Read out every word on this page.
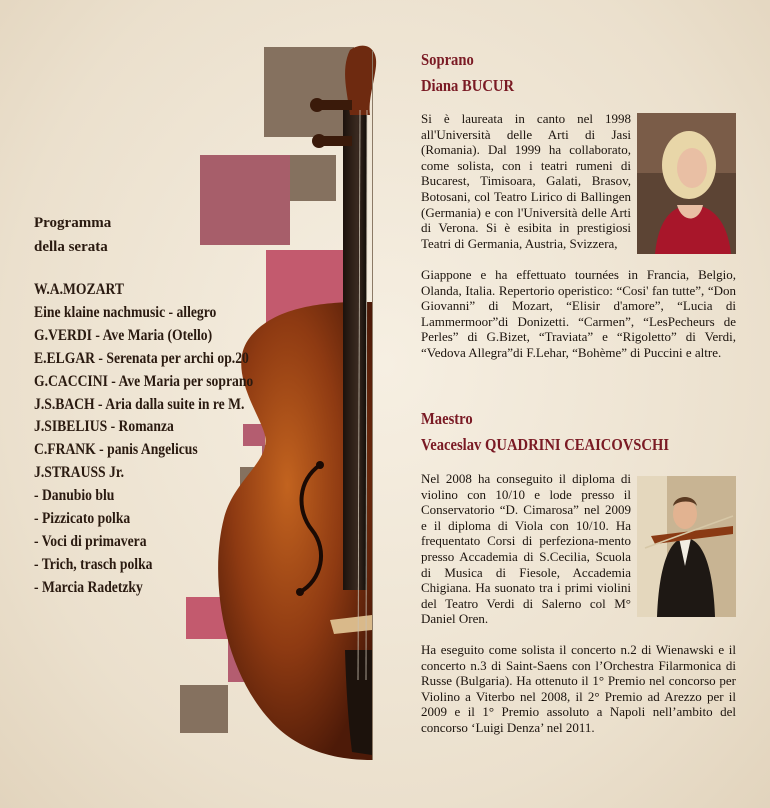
Programma
della serata
W.A.MOZART
Eine klaine nachmusic - allegro
G.VERDI - Ave Maria (Otello)
E.ELGAR - Serenata per archi op.20
G.CACCINI - Ave Maria per soprano
J.S.BACH - Aria dalla suite in re M.
J.SIBELIUS - Romanza
C.FRANK - panis Angelicus
J.STRAUSS Jr.
- Danubio blu
- Pizzicato polka
- Voci di primavera
- Trich, trasch polka
- Marcia Radetzky
Soprano
Diana BUCUR

Si è laureata in canto nel 1998 all'Università delle Arti di Jasi (Romania). Dal 1999 ha collaborato, come solista, con i teatri rumeni di Bucarest, Timisoara, Galati, Brasov, Botosani, col Teatro Lirico di Ballingen (Germania) e con l'Università delle Arti di Verona. Si è esibita in prestigiosi Teatri di Germania, Austria, Svizzera,

Giappone e ha effettuato tournées in Francia, Belgio, Olanda, Italia. Repertorio operistico: “Cosi' fan tutte”, “Don Giovanni” di Mozart, “Elisir d'amore”, “Lucia di Lammermoor”di Donizetti. “Carmen”, “LesPecheurs de Perles” di G.Bizet, “Traviata” e “Rigoletto” di Verdi, “Vedova Allegra”di F.Lehar, “Bohème” di Puccini e altre.

Maestro
Veaceslav QUADRINI CEAICOVSCHI

Nel 2008 ha conseguito il diploma di violino con 10/10 e lode presso il Conservatorio “D. Cimarosa” nel 2009 e il diploma di Viola con 10/10. Ha frequentato Corsi di perfeziona-mento presso Accademia di S.Cecilia, Scuola di Musica di Fiesole, Accademia Chigiana. Ha suonato tra i primi violini del Teatro Verdi di Salerno col M° Daniel Oren.

Ha eseguito come solista il concerto n.2 di Wienawski e il concerto n.3 di Saint-Saens con l’Orchestra Filarmonica di Russe (Bulgaria). Ha ottenuto il 1° Premio nel concorso per Violino a Viterbo nel 2008, il 2° Premio ad Arezzo per il 2009 e il 1° Premio assoluto a Napoli nell’ambito del concorso ‘Luigi Denza’ nel 2011.
